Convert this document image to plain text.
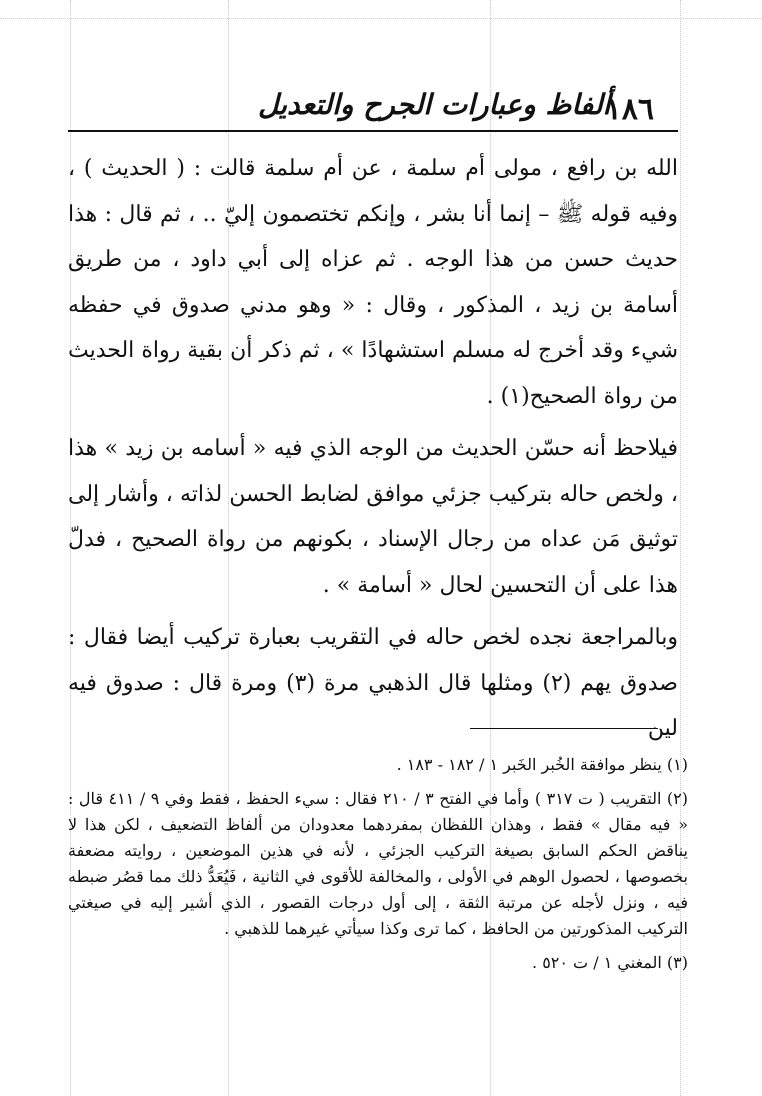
١٨٦
ألفاظ وعبارات الجرح والتعديل

الله بن رافع ، مولى أم سلمة ، عن أم سلمة قالت : ( الحديث ) ، وفيه قوله ﷺ – إنما أنا بشر ، وإنكم تختصمون إليّ .. ، ثم قال : هذا حديث حسن من هذا الوجه . ثم عزاه إلى أبي داود ، من طريق أسامة بن زيد ، المذكور ، وقال : « وهو مدني صدوق في حفظه شيء وقد أخرج له مسلم استشهادًا » ، ثم ذكر أن بقية رواة الحديث من رواة الصحيح(١) .

فيلاحظ أنه حسّن الحديث من الوجه الذي فيه « أسامه بن زيد » هذا ، ولخص حاله بتركيب جزئي موافق لضابط الحسن لذاته ، وأشار إلى توثيق مَن عداه من رجال الإسناد ، بكونهم من رواة الصحيح ، فدلّ هذا على أن التحسين لحال « أسامة » .

وبالمراجعة نجده لخص حاله في التقريب بعبارة تركيب أيضا فقال : صدوق يهم (٢) ومثلها قال الذهبي مرة (٣) ومرة قال : صدوق فيه لين

(١) ينظر موافقة الخُبر الخَبر ١ / ١٨٢ - ١٨٣ .

(٢) التقريب ( ت ٣١٧ ) وأما في الفتح ٣ / ٢١٠ فقال : سيء الحفظ ، فقط وفي ٩ / ٤١١ قال : « فيه مقال » فقط ، وهذان اللفظان بمفردهما معدودان من ألفاظ التضعيف ، لكن هذا لا يناقض الحكم السابق بصيغة التركيب الجزئي ، لأنه في هذين الموضعين ، روايته مضعفة بخصوصها ، لحصول الوهم في الأولى ، والمخالفة للأقوى في الثانية ، فَيُعَدُّ ذلك مما قصُر ضبطه فيه ، ونزل لأجله عن مرتبة الثقة ، إلى أول درجات القصور ، الذي أشير إليه في صيغتي التركيب المذكورتين من الحافظ ، كما ترى وكذا سيأتي غيرهما للذهبي .

(٣) المغني ١ / ت ٥٢٠ .
